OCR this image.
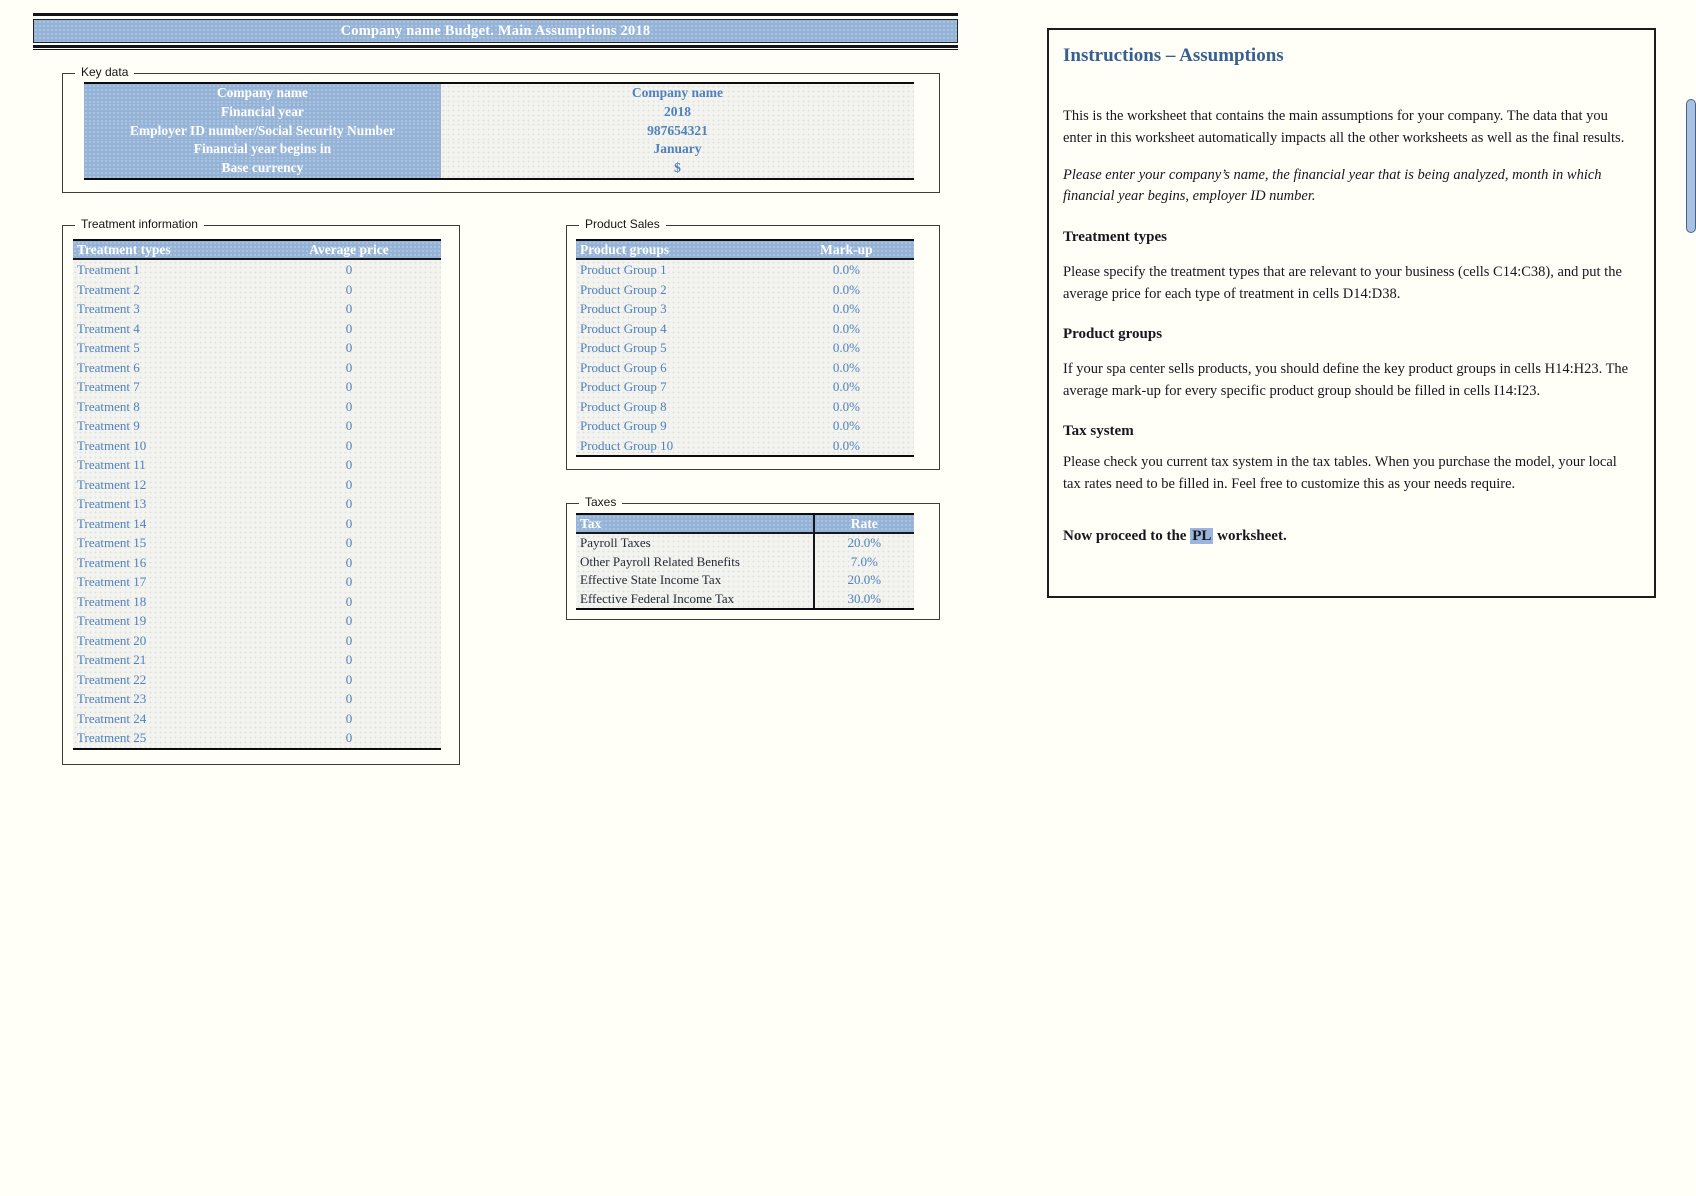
Company name Budget. Main Assumptions 2018
Key data
Company name	Company name
Financial year	2018
Employer ID number/Social Security Number	987654321
Financial year begins in	January
Base currency	$
Treatment information
Treatment types	Average price
Treatment 1	0
Treatment 2	0
Treatment 3	0
Treatment 4	0
Treatment 5	0
Treatment 6	0
Treatment 7	0
Treatment 8	0
Treatment 9	0
Treatment 10	0
Treatment 11	0
Treatment 12	0
Treatment 13	0
Treatment 14	0
Treatment 15	0
Treatment 16	0
Treatment 17	0
Treatment 18	0
Treatment 19	0
Treatment 20	0
Treatment 21	0
Treatment 22	0
Treatment 23	0
Treatment 24	0
Treatment 25	0
Product Sales
Product groups	Mark-up
Product Group 1	0.0%
Product Group 2	0.0%
Product Group 3	0.0%
Product Group 4	0.0%
Product Group 5	0.0%
Product Group 6	0.0%
Product Group 7	0.0%
Product Group 8	0.0%
Product Group 9	0.0%
Product Group 10	0.0%
Taxes
Tax	Rate
Payroll Taxes	20.0%
Other Payroll Related Benefits	7.0%
Effective State Income Tax	20.0%
Effective Federal Income Tax	30.0%
Instructions – Assumptions

This is the worksheet that contains the main assumptions for your company. The data that you enter in this worksheet automatically impacts all the other worksheets as well as the final results.

Please enter your company’s name, the financial year that is being analyzed, month in which financial year begins, employer ID number.

Treatment types

Please specify the treatment types that are relevant to your business (cells C14:C38), and put the average price for each type of treatment in cells D14:D38.

Product groups

If your spa center sells products, you should define the key product groups in cells H14:H23. The average mark-up for every specific product group should be filled in cells I14:I23.

Tax system

Please check you current tax system in the tax tables. When you purchase the model, your local tax rates need to be filled in. Feel free to customize this as your needs require.

Now proceed to the PL worksheet.
